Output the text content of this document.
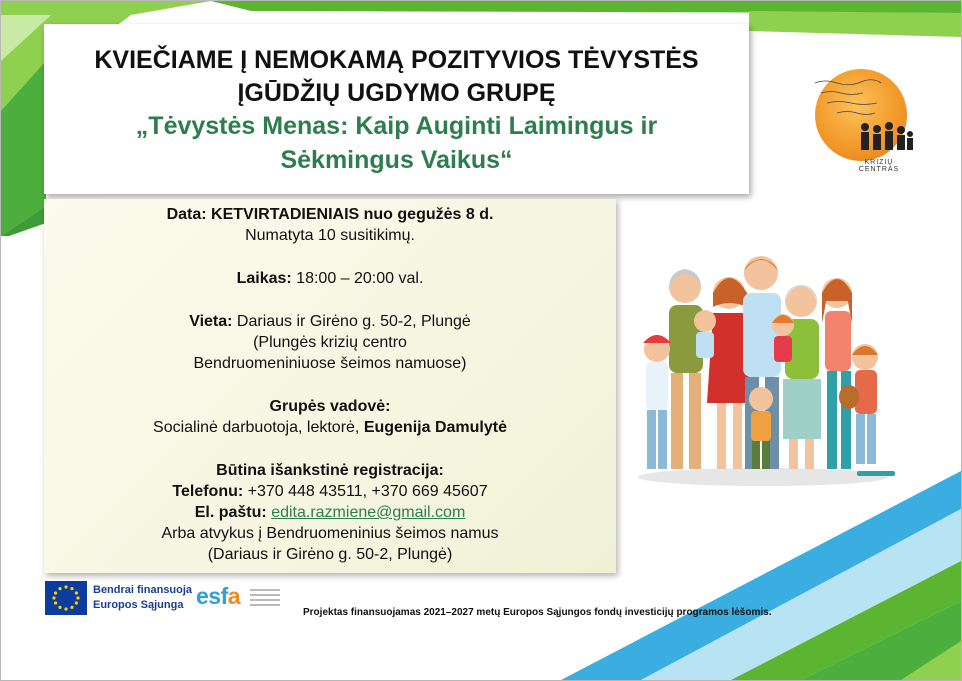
KVIEČIAME Į NEMOKAMĄ POZITYVIOS TĖVYSTĖS
ĮGŪDŽIŲ UGDYMO GRUPĘ
„Tėvystės Menas: Kaip Auginti Laimingus ir
Sėkmingus Vaikus“
Data: KETVIRTADIENIAIS nuo gegužės 8 d.
Numatyta 10 susitikimų.
Laikas: 18:00 – 20:00 val.
Vieta: Dariaus ir Girėno g. 50-2, Plungė
(Plungės krizių centro
Bendruomeniniuose šeimos namuose)
Grupės vadovė:
Socialinė darbuotoja, lektorė, Eugenija Damulytė
Būtina išankstinė registracija:
Telefonu: +370 448 43511, +370 669 45607
El. paštu: edita.razmiene@gmail.com
Arba atvykus į Bendruomeninius šeimos namus
(Dariaus ir Girėno g. 50-2, Plungė)
KRIZIŲ CENTRAS
Bendrai finansuoja
Europos Sąjunga esfa
Projektas finansuojamas 2021–2027 metų Europos Sąjungos fondų investicijų programos lėšomis.
